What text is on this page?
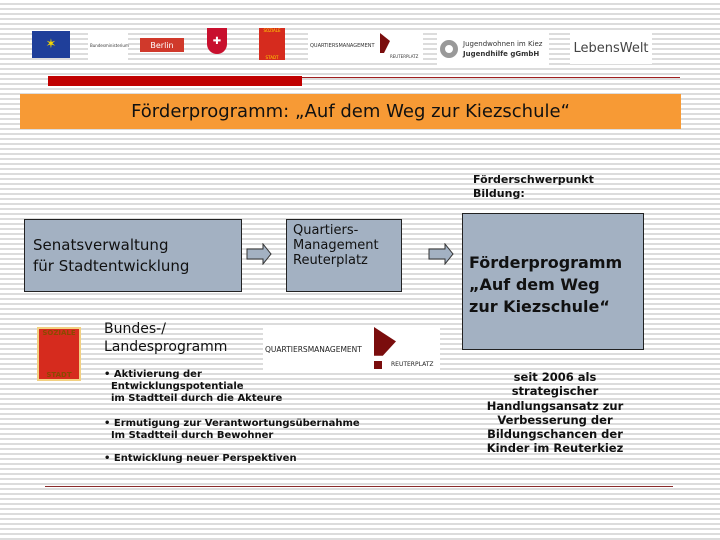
✶	Bundesministerium	Berlin	✚
SOZIALE
STADT
QUARTIERSMANAGEMENT
REUTERPLATZ
Jugendwohnen im Kiez
Jugendhilfe gGmbH	LebensWelt
Förderprogramm: „Auf dem Weg zur Kiezschule“
Förderschwerpunkt
Bildung:
Senatsverwaltung
für Stadtentwicklung
Quartiers-
Management
Reuterplatz	Förderprogramm
„Auf dem Weg
zur Kiezschule“
SOZIALE
STADT
Bundes-/
Landesprogramm	QUARTIERSMANAGEMENT
REUTERPLATZ
• Aktivierung der
Entwicklungspotentiale
im Stadtteil durch die Akteure
• Ermutigung zur Verantwortungsübernahme
Im Stadtteil durch Bewohner
• Entwicklung neuer Perspektiven
seit 2006 als
strategischer
Handlungsansatz zur
Verbesserung der
Bildungschancen der
Kinder im Reuterkiez
